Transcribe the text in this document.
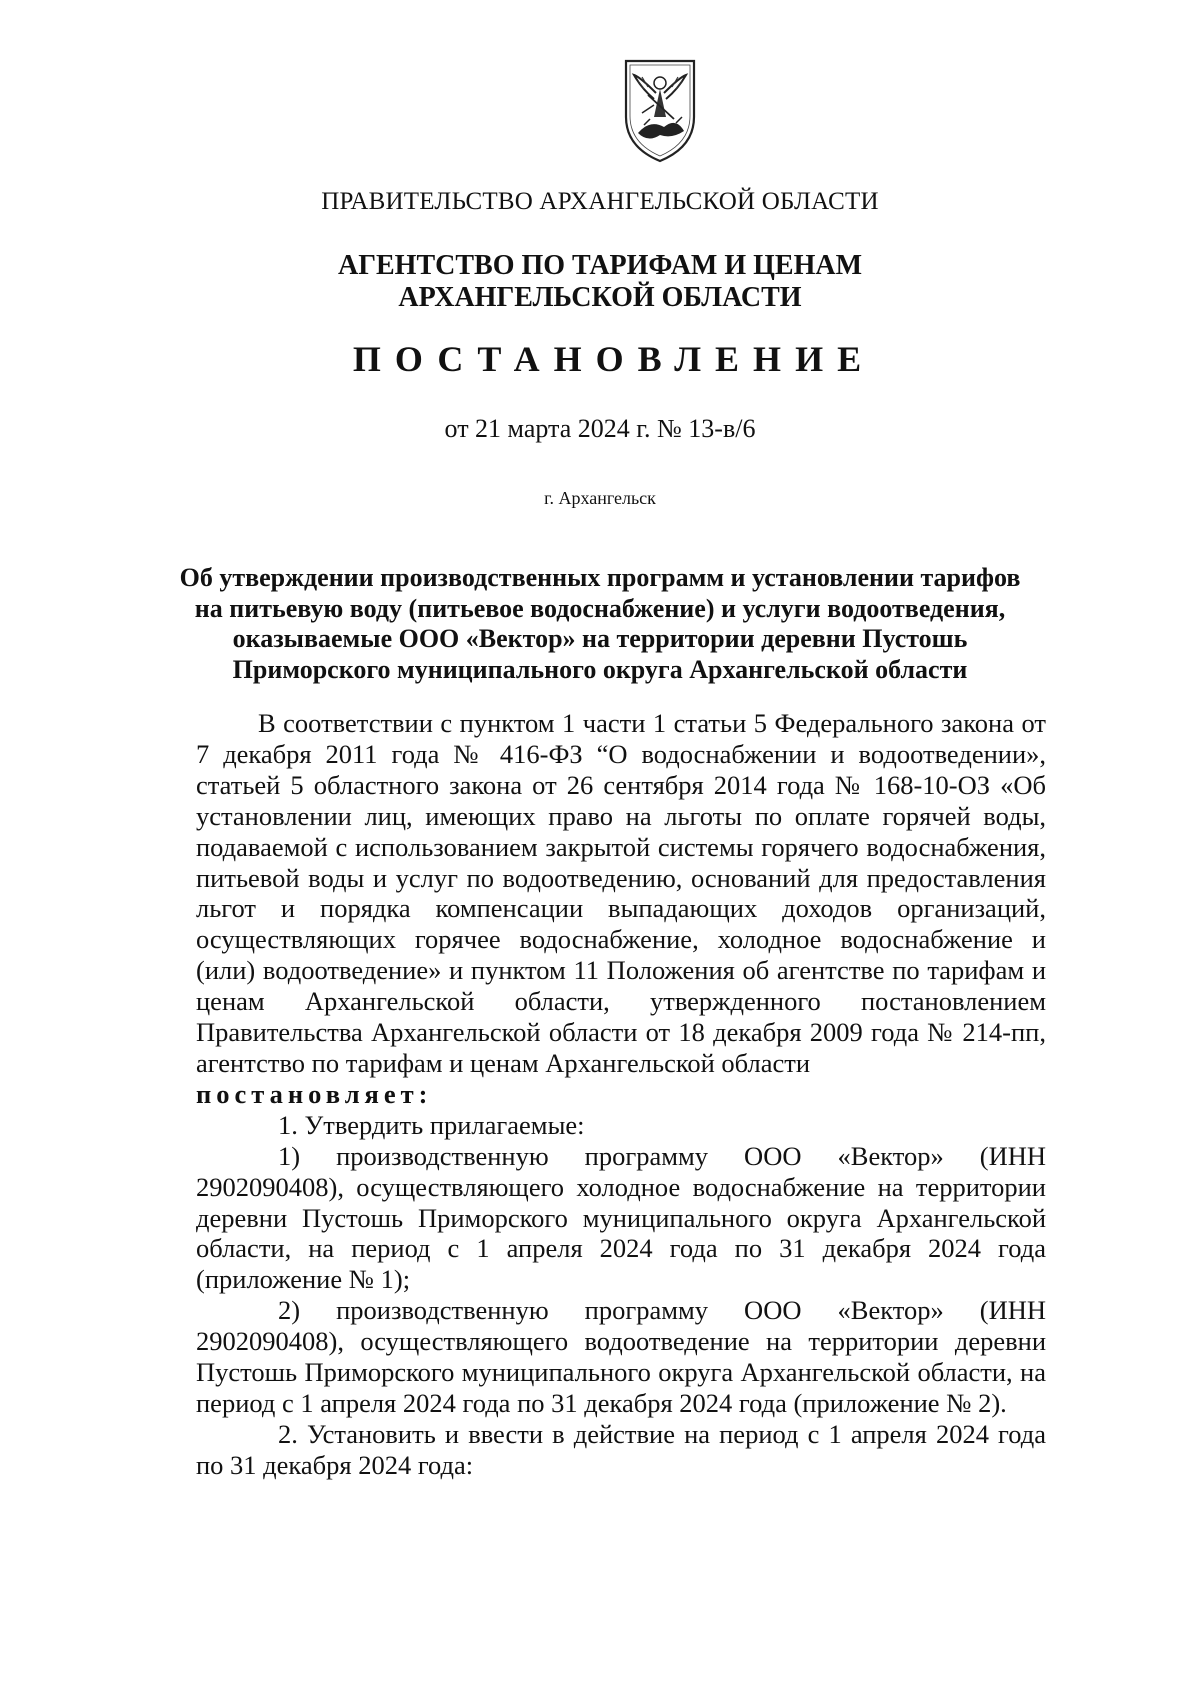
ПРАВИТЕЛЬСТВО АРХАНГЕЛЬСКОЙ ОБЛАСТИ
АГЕНТСТВО ПО ТАРИФАМ И ЦЕНАМ
АРХАНГЕЛЬСКОЙ ОБЛАСТИ
ПОСТАНОВЛЕНИЕ
от 21 марта 2024 г. № 13-в/6
г. Архангельск
Об утверждении производственных программ и установлении тарифов
на питьевую воду (питьевое водоснабжение) и услуги водоотведения,
оказываемые ООО «Вектор» на территории деревни Пустошь
Приморского муниципального округа Архангельской области

В соответствии с пунктом 1 части 1 статьи 5 Федерального закона от 7 декабря 2011 года № 416-ФЗ “О водоснабжении и водоотведении», статьей 5 областного закона от 26 сентября 2014 года № 168-10-ОЗ «Об установлении лиц, имеющих право на льготы по оплате горячей воды, подаваемой с использованием закрытой системы горячего водоснабжения, питьевой воды и услуг по водоотведению, оснований для предоставления льгот и порядка компенсации выпадающих доходов организаций, осуществляющих горячее водоснабжение, холодное водоснабжение и (или) водоотведение» и пунктом 11 Положения об агентстве по тарифам и ценам Архангельской области, утвержденного постановлением Правительства Архангельской области от 18 декабря 2009 года № 214-пп, агентство по тарифам и ценам Архангельской области

постановляет:

1. Утвердить прилагаемые:

1) производственную программу ООО «Вектор» (ИНН 2902090408), осуществляющего холодное водоснабжение на территории деревни Пустошь Приморского муниципального округа Архангельской области, на период с 1 апреля 2024 года по 31 декабря 2024 года (приложение № 1);

2) производственную программу ООО «Вектор» (ИНН 2902090408), осуществляющего водоотведение на территории деревни Пустошь Приморского муниципального округа Архангельской области, на период с 1 апреля 2024 года по 31 декабря 2024 года (приложение № 2).

2. Установить и ввести в действие на период с 1 апреля 2024 года по 31 декабря 2024 года:
